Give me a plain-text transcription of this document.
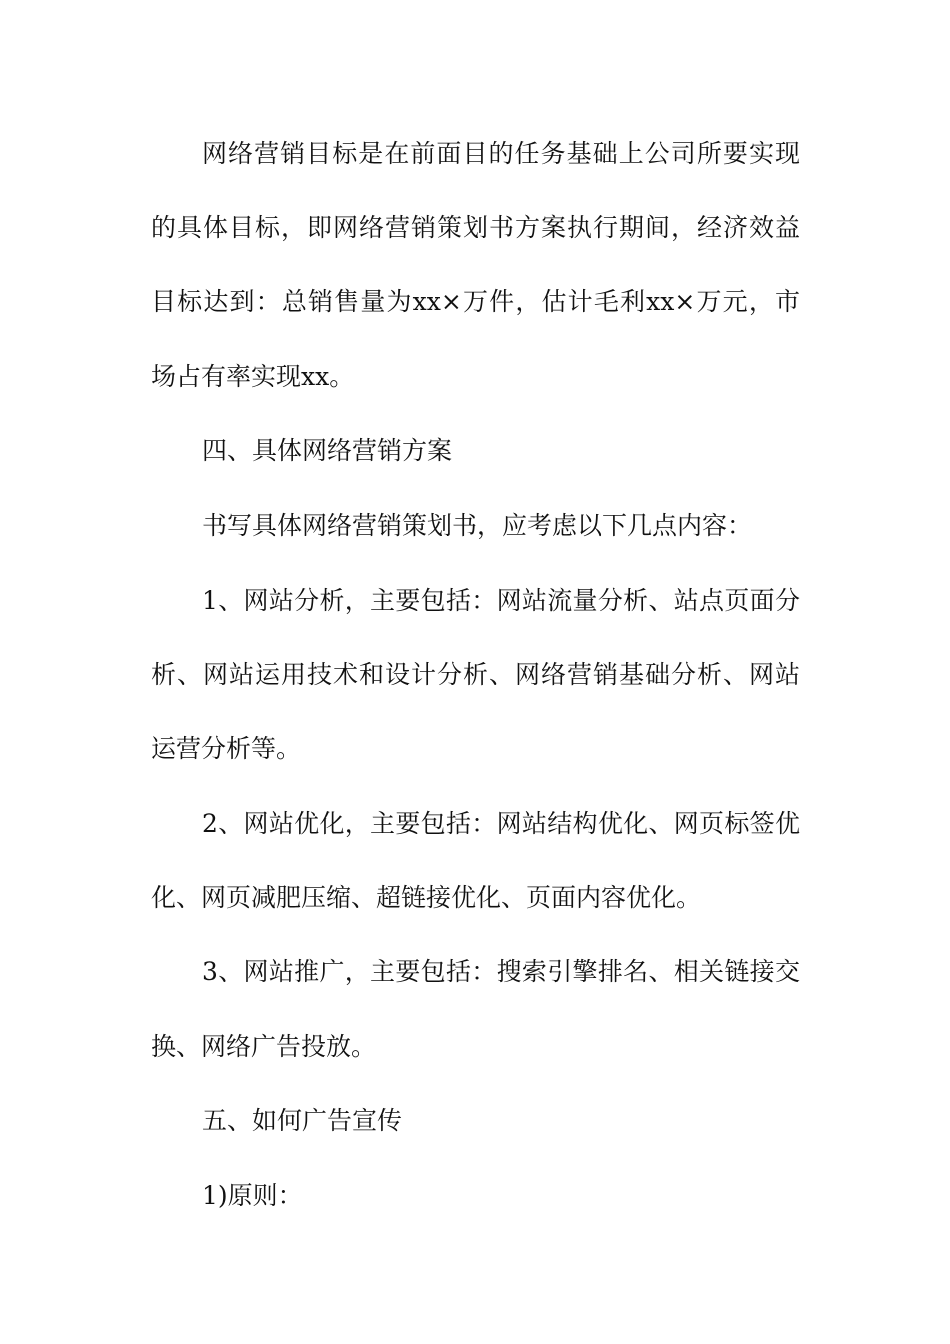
网络营销目标是在前面目的任务基础上公司所要实现
的具体目标，即网络营销策划书方案执行期间，经济效益
目标达到：总销售量为xx×万件，估计毛利xx×万元，市
场占有率实现xx。
四、具体网络营销方案
书写具体网络营销策划书，应考虑以下几点内容：
1、网站分析，主要包括：网站流量分析、站点页面分
析、网站运用技术和设计分析、网络营销基础分析、网站
运营分析等。
2、网站优化，主要包括：网站结构优化、网页标签优
化、网页减肥压缩、超链接优化、页面内容优化。
3、网站推广，主要包括：搜索引擎排名、相关链接交
换、网络广告投放。
五、如何广告宣传
1)原则：
